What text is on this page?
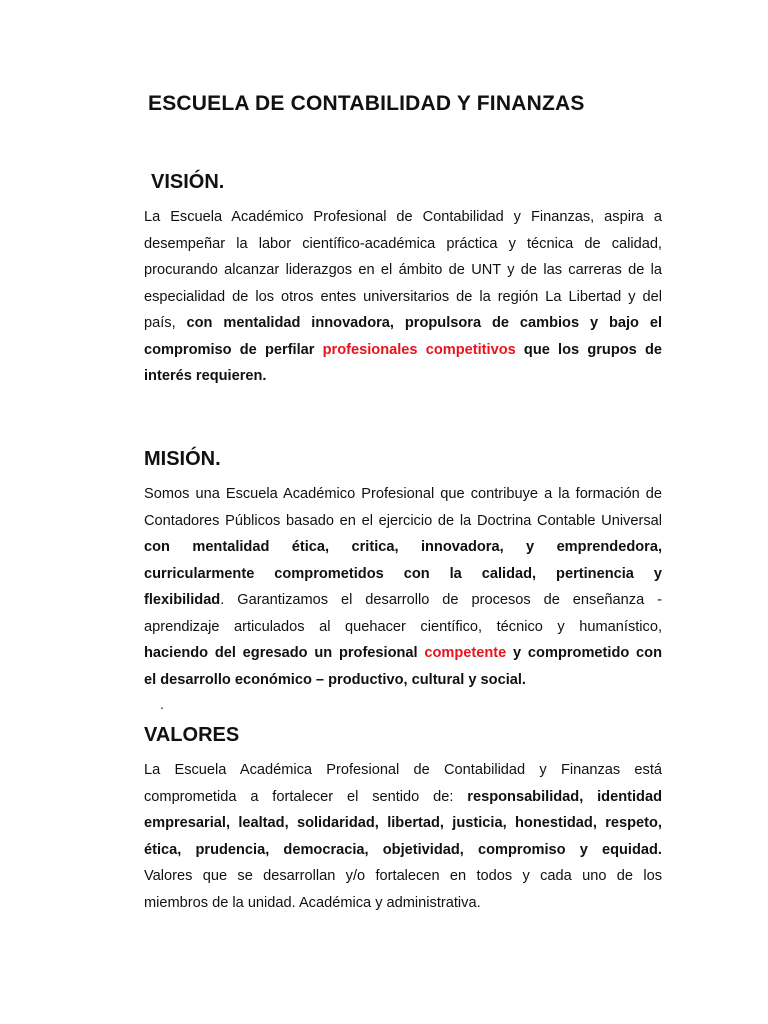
ESCUELA DE CONTABILIDAD Y FINANZAS
VISIÓN.
La Escuela Académico Profesional de Contabilidad y Finanzas, aspira a
desempeñar la labor científico-académica práctica y técnica de calidad,
procurando alcanzar liderazgos en el ámbito de UNT y de las carreras de la
especialidad de los otros entes universitarios de la región La Libertad y del
país, con mentalidad innovadora, propulsora de cambios y bajo el
compromiso de perfilar profesionales competitivos que los grupos de
interés requieren.
MISIÓN.
Somos una Escuela Académico Profesional que contribuye a la formación de
Contadores Públicos basado en el ejercicio de la Doctrina Contable Universal
con mentalidad ética, critica, innovadora, y emprendedora,
curricularmente comprometidos con la calidad, pertinencia y
flexibilidad. Garantizamos el desarrollo de procesos de enseñanza -
aprendizaje articulados al quehacer científico, técnico y humanístico,
haciendo del egresado un profesional competente y comprometido con
el desarrollo económico – productivo, cultural y social.
.
VALORES
La Escuela Académica Profesional de Contabilidad y Finanzas está
comprometida a fortalecer el sentido de: responsabilidad, identidad
empresarial, lealtad, solidaridad, libertad, justicia, honestidad, respeto,
ética, prudencia, democracia, objetividad, compromiso y equidad.
Valores que se desarrollan y/o fortalecen en todos y cada uno de los
miembros de la unidad. Académica y administrativa.
